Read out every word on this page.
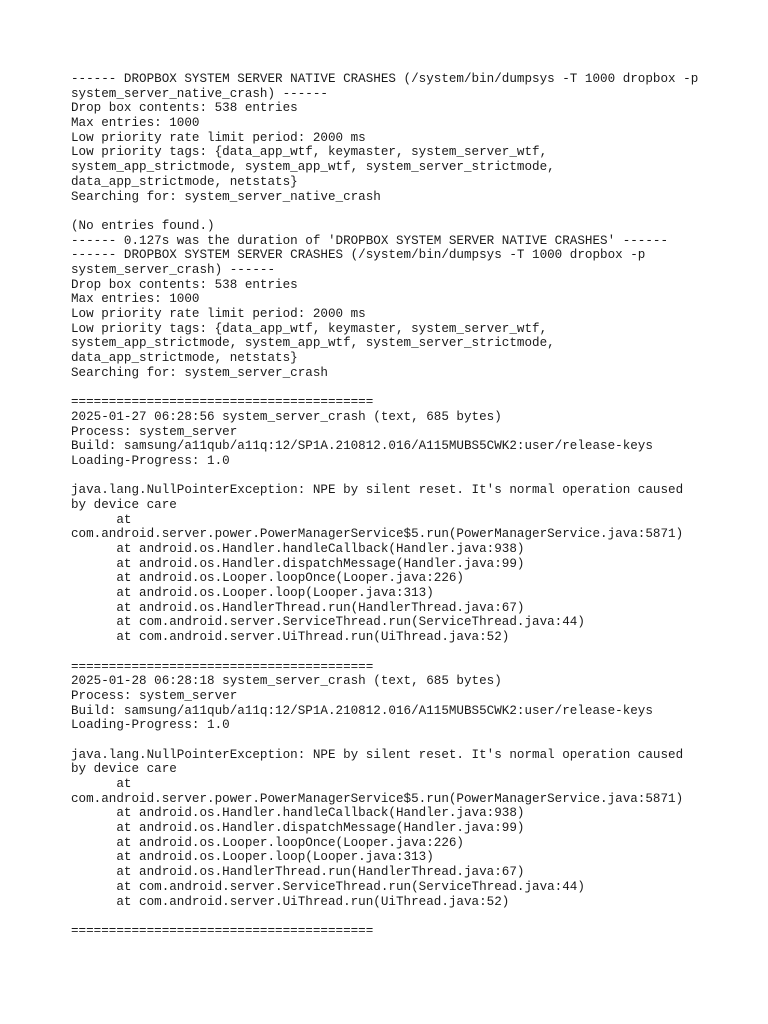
------ DROPBOX SYSTEM SERVER NATIVE CRASHES (/system/bin/dumpsys -T 1000 dropbox -p
system_server_native_crash) ------
Drop box contents: 538 entries
Max entries: 1000
Low priority rate limit period: 2000 ms
Low priority tags: {data_app_wtf, keymaster, system_server_wtf,
system_app_strictmode, system_app_wtf, system_server_strictmode,
data_app_strictmode, netstats}
Searching for: system_server_native_crash
(No entries found.)
------ 0.127s was the duration of 'DROPBOX SYSTEM SERVER NATIVE CRASHES' ------
------ DROPBOX SYSTEM SERVER CRASHES (/system/bin/dumpsys -T 1000 dropbox -p
system_server_crash) ------
Drop box contents: 538 entries
Max entries: 1000
Low priority rate limit period: 2000 ms
Low priority tags: {data_app_wtf, keymaster, system_server_wtf,
system_app_strictmode, system_app_wtf, system_server_strictmode,
data_app_strictmode, netstats}
Searching for: system_server_crash
========================================
2025-01-27 06:28:56 system_server_crash (text, 685 bytes)
Process: system_server
Build: samsung/a11qub/a11q:12/SP1A.210812.016/A115MUBS5CWK2:user/release-keys
Loading-Progress: 1.0
java.lang.NullPointerException: NPE by silent reset. It's normal operation caused
by device care
at
com.android.server.power.PowerManagerService$5.run(PowerManagerService.java:5871)
at android.os.Handler.handleCallback(Handler.java:938)
at android.os.Handler.dispatchMessage(Handler.java:99)
at android.os.Looper.loopOnce(Looper.java:226)
at android.os.Looper.loop(Looper.java:313)
at android.os.HandlerThread.run(HandlerThread.java:67)
at com.android.server.ServiceThread.run(ServiceThread.java:44)
at com.android.server.UiThread.run(UiThread.java:52)
========================================
2025-01-28 06:28:18 system_server_crash (text, 685 bytes)
Process: system_server
Build: samsung/a11qub/a11q:12/SP1A.210812.016/A115MUBS5CWK2:user/release-keys
Loading-Progress: 1.0
java.lang.NullPointerException: NPE by silent reset. It's normal operation caused
by device care
at
com.android.server.power.PowerManagerService$5.run(PowerManagerService.java:5871)
at android.os.Handler.handleCallback(Handler.java:938)
at android.os.Handler.dispatchMessage(Handler.java:99)
at android.os.Looper.loopOnce(Looper.java:226)
at android.os.Looper.loop(Looper.java:313)
at android.os.HandlerThread.run(HandlerThread.java:67)
at com.android.server.ServiceThread.run(ServiceThread.java:44)
at com.android.server.UiThread.run(UiThread.java:52)
========================================
